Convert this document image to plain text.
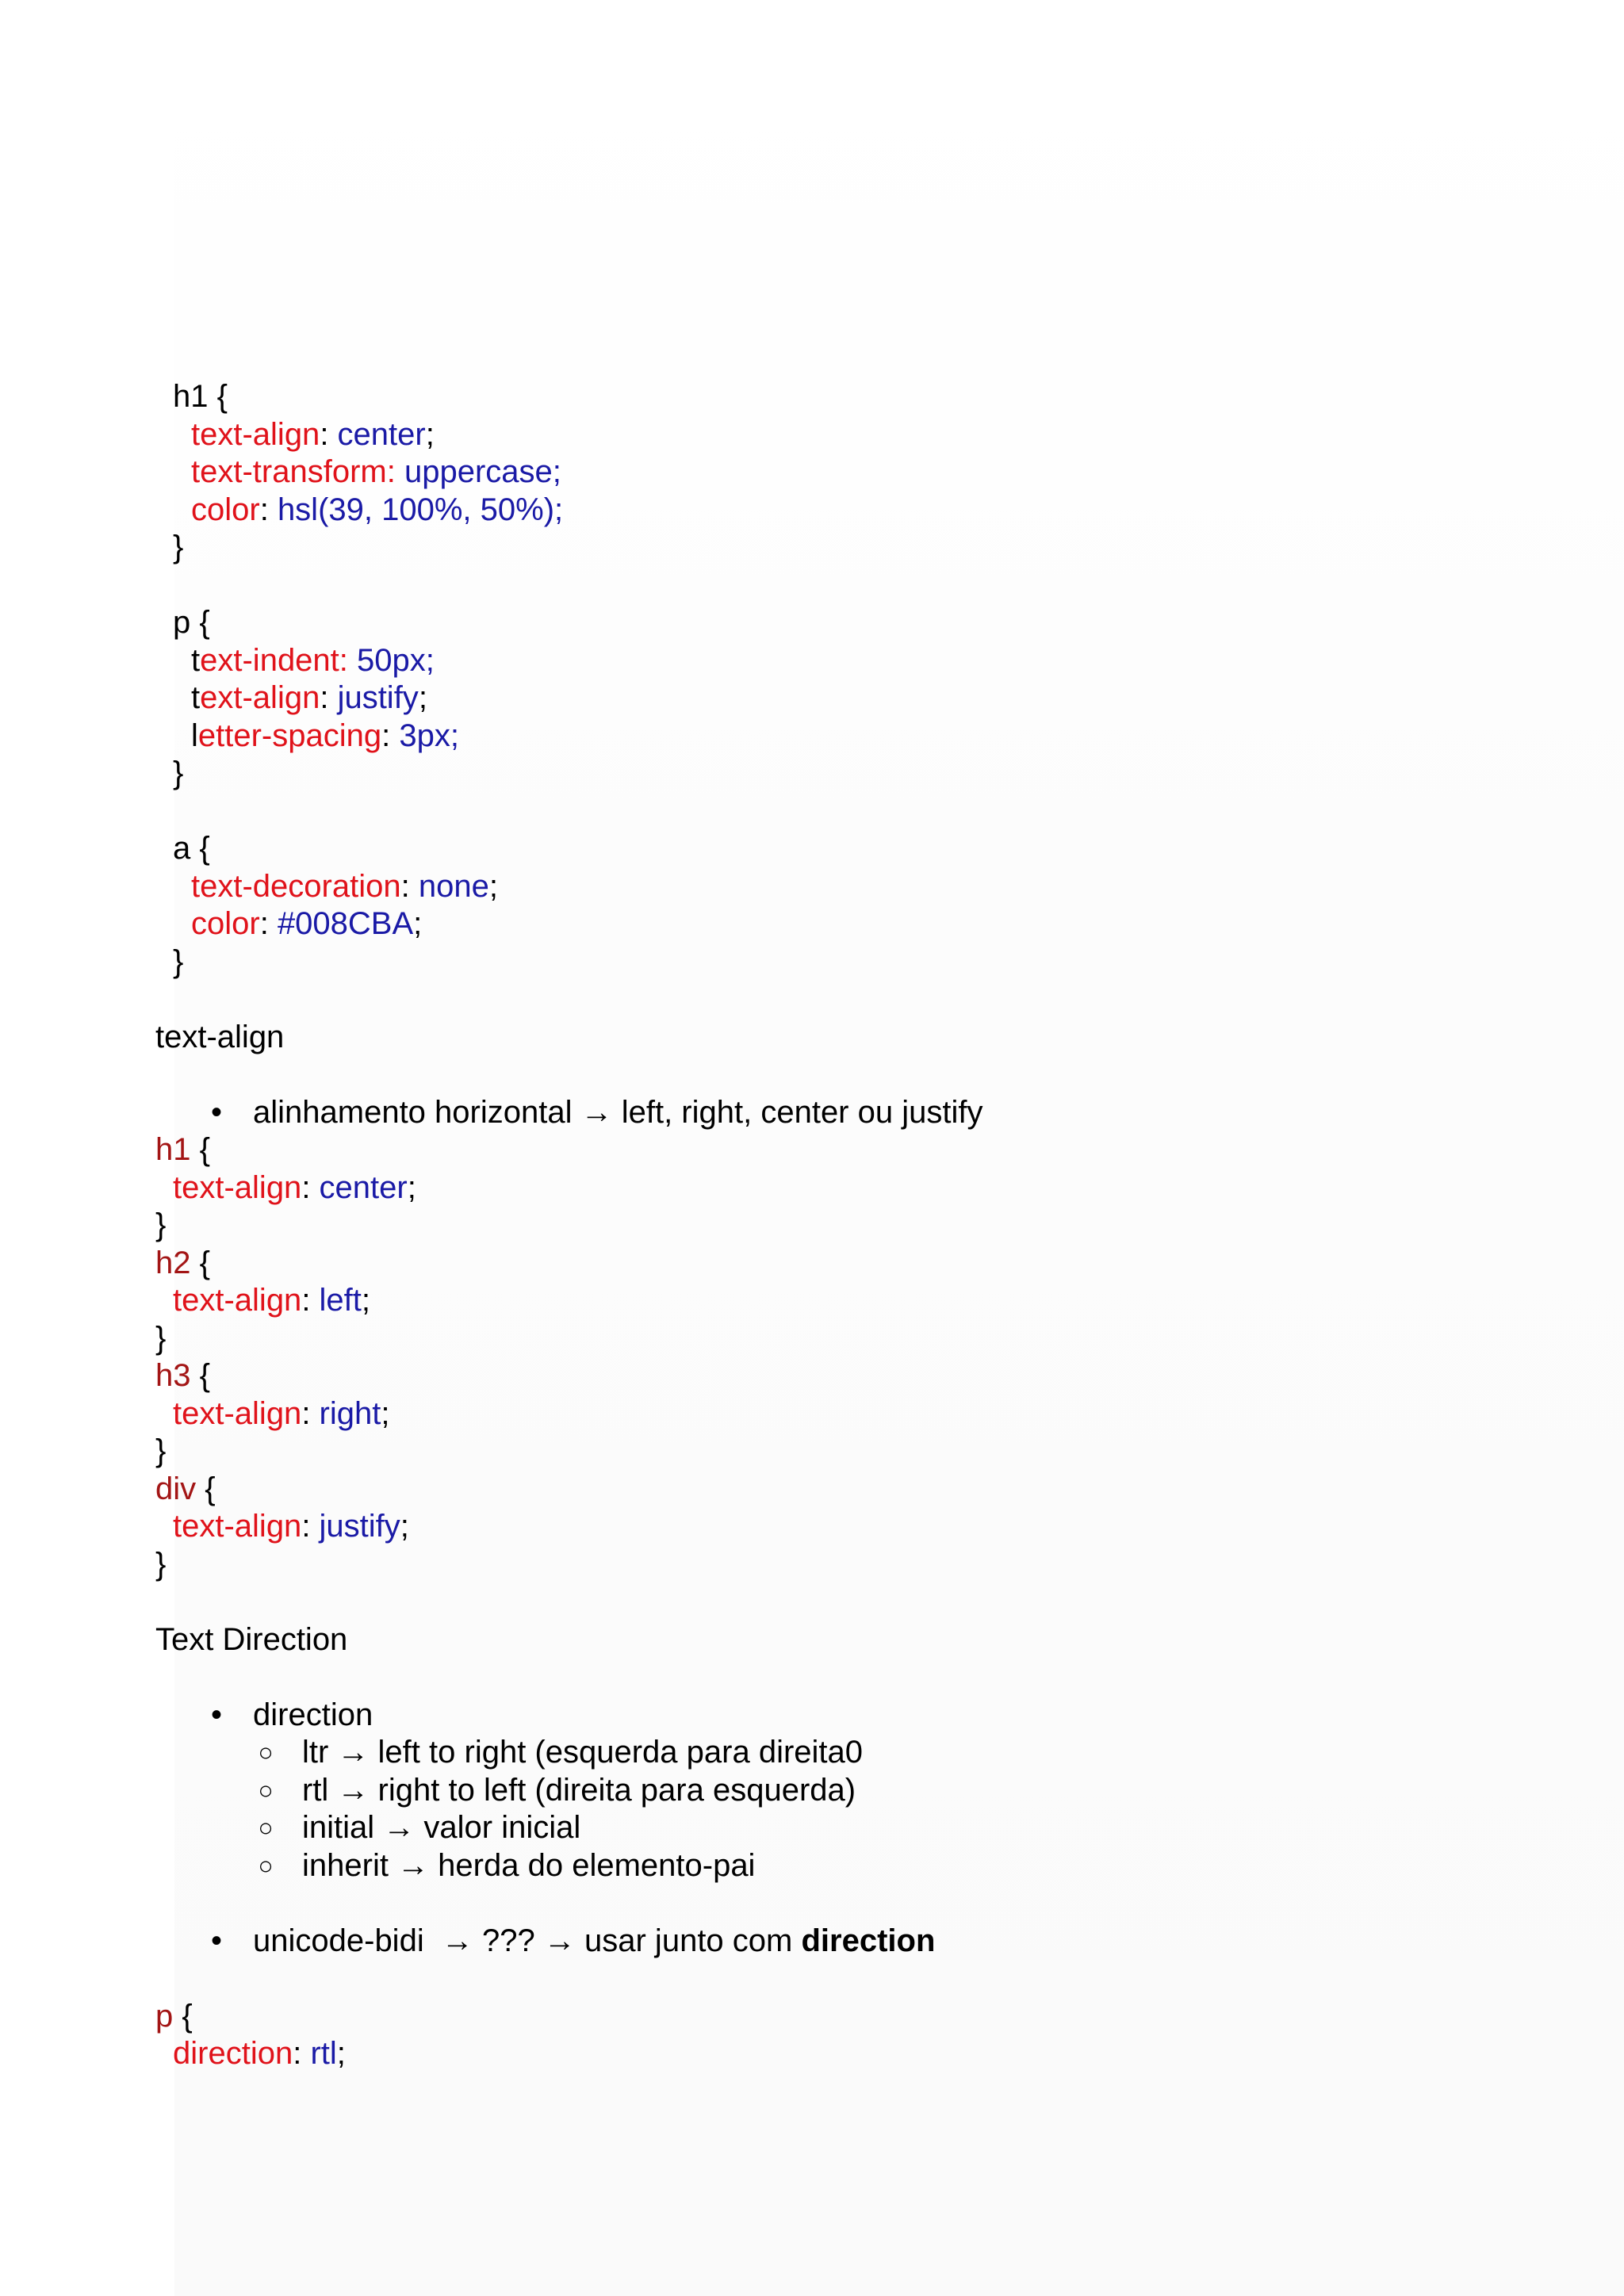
h1 {
text-align: center;
text-transform: uppercase;
color: hsl(39, 100%, 50%);
}
p {
text-indent: 50px;
text-align: justify;
letter-spacing: 3px;
}
a {
text-decoration: none;
color: #008CBA;
}
text-align
• alinhamento horizontal → left, right, center ou justify
h1 {
text-align: center;
}
h2 {
text-align: left;
}
h3 {
text-align: right;
}
div {
text-align: justify;
}
Text Direction
• direction
○ ltr → left to right (esquerda para direita0
○ rtl → right to left (direita para esquerda)
○ initial → valor inicial
○ inherit → herda do elemento-pai
• unicode-bidi  → ??? → usar junto com direction
p {
direction: rtl;
